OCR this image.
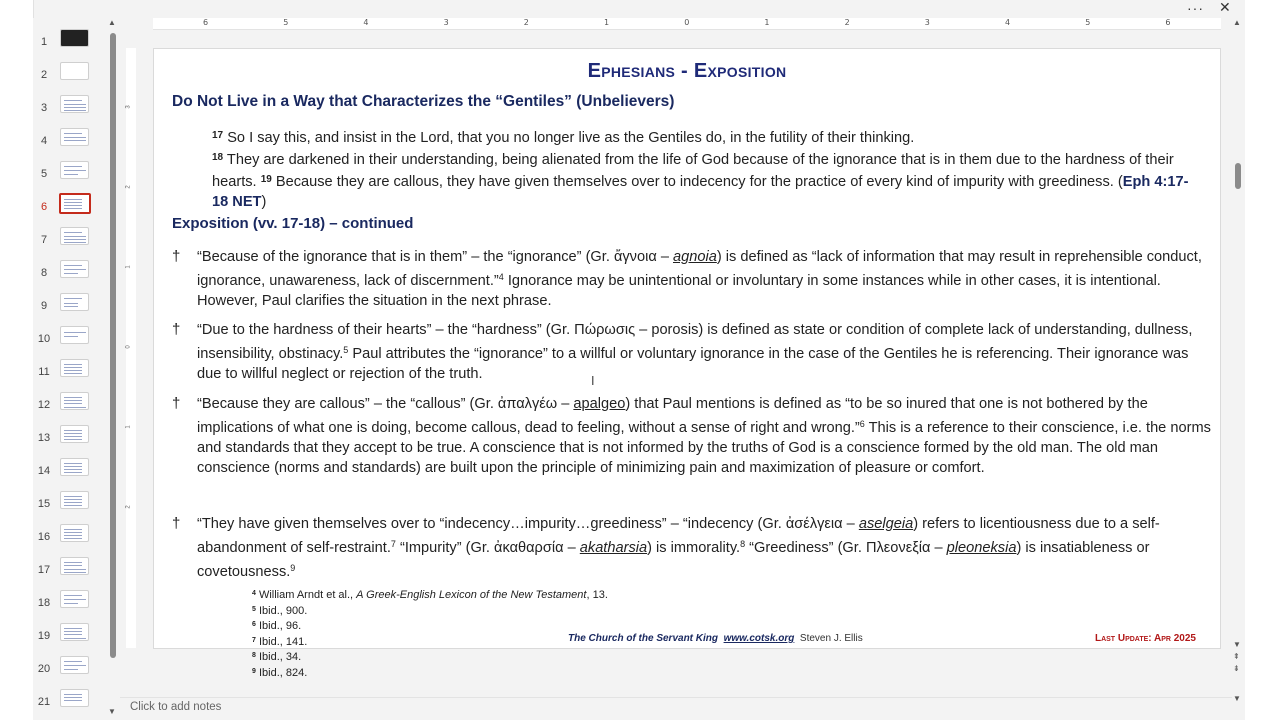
··· ✕
1
2
3
4
5
6
7
8
9
10
11
12
13
14
15
16
17
18
19
20
21
▲
▼
6	5	4	3	2	1	0	1	2	3	4	5	6
3
2
1
0
1
2
Ephesians - Exposition
Do Not Live in a Way that Characterizes the “Gentiles” (Unbelievers)
$^{17}$ So I say this, and insist in the Lord, that you no longer live as the Gentiles do, in the futility of their thinking.
$^{18}$ They are darkened in their understanding, being alienated from the life of God because of the ignorance that is in them due to the hardness of their hearts. $^{19}$ Because they are callous, they have given themselves over to indecency for the practice of every kind of impurity with greediness. (Eph 4:17-18 NET)
Exposition (vv. 17-18) – continued
† “Because of the ignorance that is in them” – the “ignorance” (Gr. ἄγνοια – agnoia) is defined as “lack of information that may result in reprehensible conduct, ignorance, unawareness, lack of discernment.”$^4$ Ignorance may be unintentional or involuntary in some instances while in other cases, it is intentional. However, Paul clarifies the situation in the next phrase.
† “Due to the hardness of their hearts” – the “hardness” (Gr. Πώρωσις – porosis) is defined as state or condition of complete lack of understanding, dullness, insensibility, obstinacy.$^5$ Paul attributes the “ignorance” to a willful or voluntary ignorance in the case of the Gentiles he is referencing. Their ignorance was due to willful neglect or rejection of the truth.
† “Because they are callous” – the “callous” (Gr. ἀπαλγέω – apalgeo) that Paul mentions is defined as “to be so inured that one is not bothered by the implications of what one is doing, become callous, dead to feeling, without a sense of right and wrong.”$^6$ This is a reference to their conscience, i.e. the norms and standards that they accept to be true. A conscience that is not informed by the truths of God is a conscience formed by the old man. The old man conscience (norms and standards) are built upon the principle of minimizing pain and maximization of pleasure or comfort.
† “They have given themselves over to “indecency…impurity…greediness” – “indecency (Gr. ἀσέλγεια – aselgeia) refers to licentiousness due to a self-abandonment of self-restraint.$^7$ “Impurity” (Gr. ἀκαθαρσία – akatharsia) is immorality.$^8$ “Greediness” (Gr. Πλεονεξία – pleoneksia) is insatiableness or covetousness.$^9$
$^4$ William Arndt et al., A Greek-English Lexicon of the New Testament, 13.
$^5$ Ibid., 900.
$^6$ Ibid., 96.
$^7$ Ibid., 141.
$^8$ Ibid., 34.
$^9$ Ibid., 824.
The Church of the Servant King www.cotsk.org Steven J. Ellis	Last Update: Apr 2025
I
▲
▼
⇞
⇟
▼
Click to add notes
